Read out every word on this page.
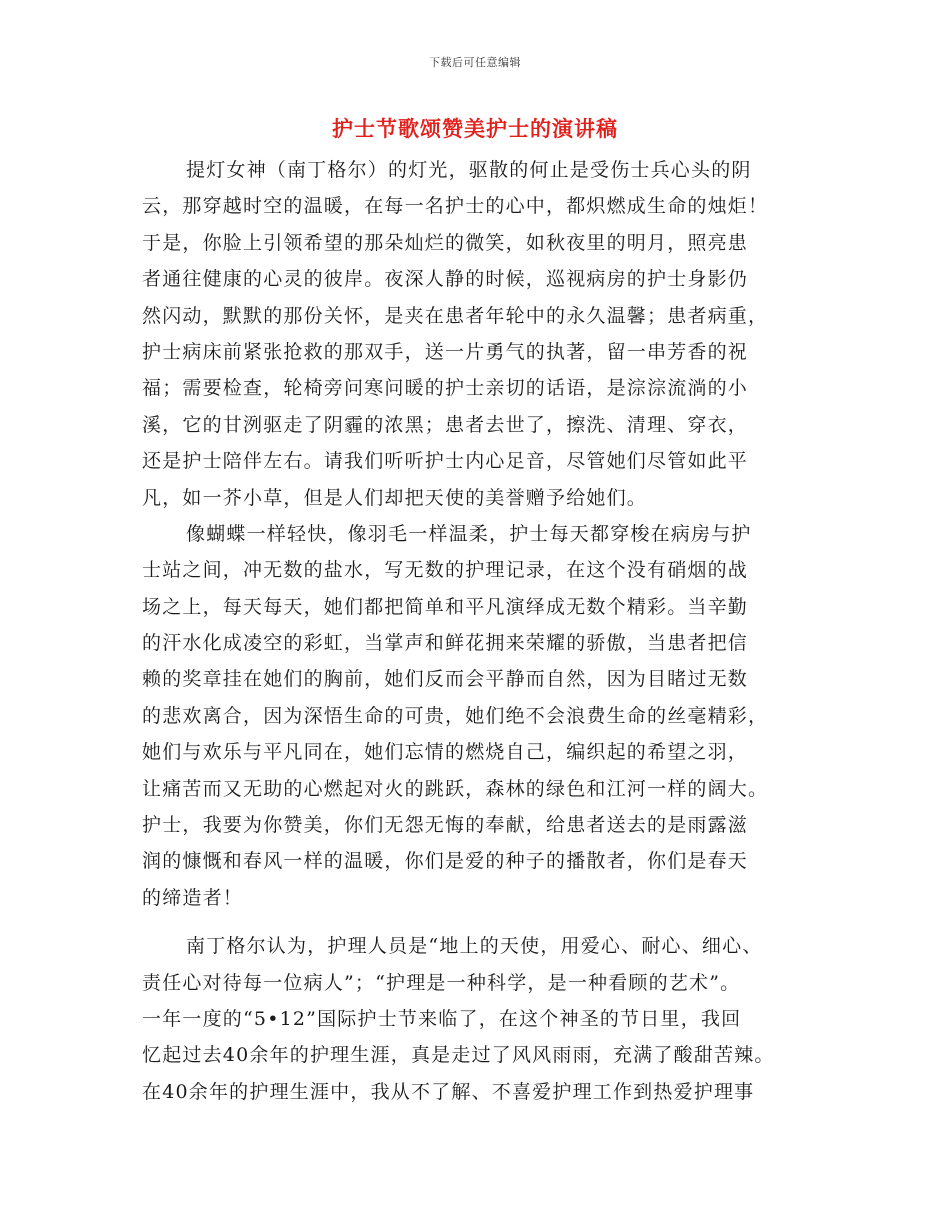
下载后可任意编辑
护士节歌颂赞美护士的演讲稿
提灯女神（南丁格尔）的灯光，驱散的何止是受伤士兵心头的阴
云，那穿越时空的温暖，在每一名护士的心中，都炽燃成生命的烛炬！
于是，你脸上引领希望的那朵灿烂的微笑，如秋夜里的明月，照亮患
者通往健康的心灵的彼岸。夜深人静的时候，巡视病房的护士身影仍
然闪动，默默的那份关怀，是夹在患者年轮中的永久温馨；患者病重，
护士病床前紧张抢救的那双手，送一片勇气的执著，留一串芳香的祝
福；需要检查，轮椅旁问寒问暖的护士亲切的话语，是淙淙流淌的小
溪，它的甘洌驱走了阴霾的浓黑；患者去世了，擦洗、清理、穿衣，
还是护士陪伴左右。请我们听听护士内心足音，尽管她们尽管如此平
凡，如一芥小草，但是人们却把天使的美誉赠予给她们。
像蝴蝶一样轻快，像羽毛一样温柔，护士每天都穿梭在病房与护
士站之间，冲无数的盐水，写无数的护理记录，在这个没有硝烟的战
场之上，每天每天，她们都把简单和平凡演绎成无数个精彩。当辛勤
的汗水化成凌空的彩虹，当掌声和鲜花拥来荣耀的骄傲，当患者把信
赖的奖章挂在她们的胸前，她们反而会平静而自然，因为目睹过无数
的悲欢离合，因为深悟生命的可贵，她们绝不会浪费生命的丝毫精彩，
她们与欢乐与平凡同在，她们忘情的燃烧自己，编织起的希望之羽，
让痛苦而又无助的心燃起对火的跳跃，森林的绿色和江河一样的阔大。
护士，我要为你赞美，你们无怨无悔的奉献，给患者送去的是雨露滋
润的慷慨和春风一样的温暖，你们是爱的种子的播散者，你们是春天
的缔造者！
南丁格尔认为，护理人员是“地上的天使，用爱心、耐心、细心、
责任心对待每一位病人”；“护理是一种科学，是一种看顾的艺术”。
一年一度的“5•12”国际护士节来临了，在这个神圣的节日里，我回
忆起过去40余年的护理生涯，真是走过了风风雨雨，充满了酸甜苦辣。
在40余年的护理生涯中，我从不了解、不喜爱护理工作到热爱护理事
